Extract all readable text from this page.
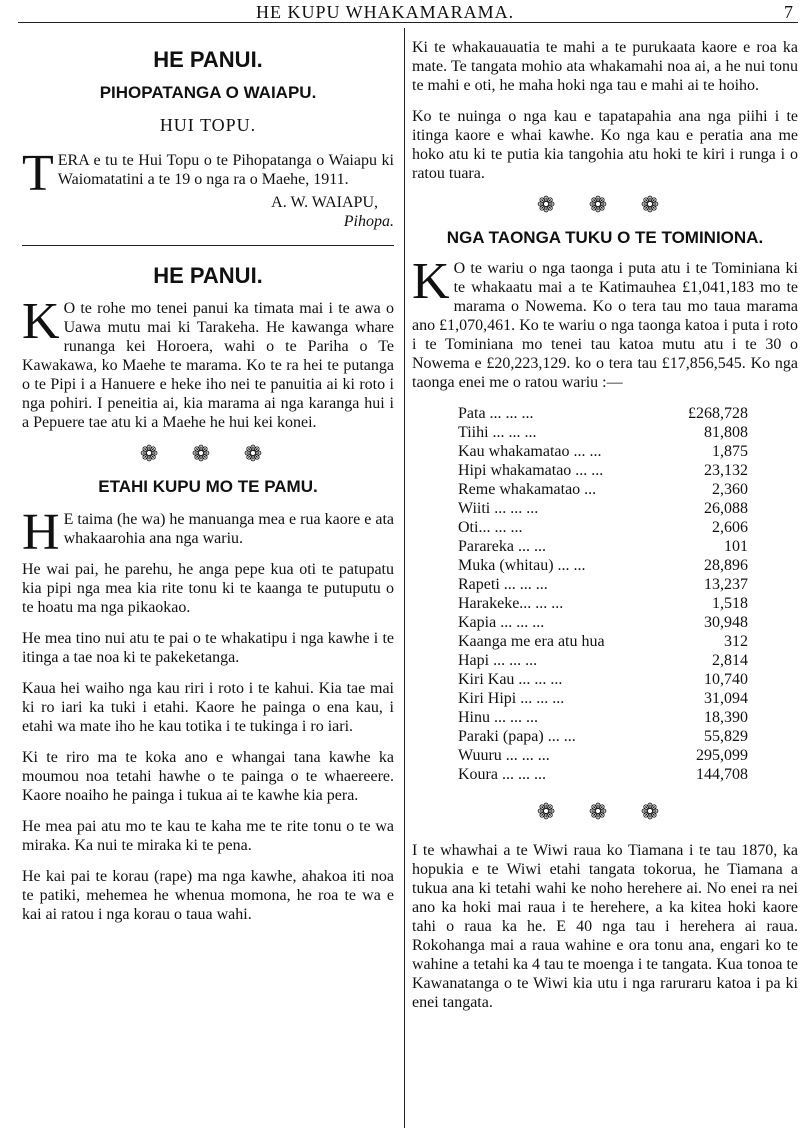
HE KUPU WHAKAMARAMA.	7
HE PANUI.
PIHOPATANGA O WAIAPU.
HUI TOPU.

TERA e tu te Hui Topu o te Pihopatanga o Waiapu ki Waiomatatini a te 19 o nga ra o Maehe, 1911.

A. W. WAIAPU,
Pihopa.
HE PANUI.

K O te rohe mo tenei panui ka timata mai i te awa o Uawa mutu mai ki Tarakeha. He kawanga whare runanga kei Horoera, wahi o te Pariha o Te Kawakawa, ko Maehe te marama. Ko te ra hei te putanga o te Pipi i a Hanuere e heke iho nei te panuitia ai ki roto i nga pohiri. I peneitia ai, kia marama ai nga karanga hui i a Pepuere tae atu ki a Maehe he hui kei konei.

❁ ❁ ❁
ETAHI KUPU MO TE PAMU.

H E taima (he wa) he manuanga mea e rua kaore e ata whakaarohia ana nga wariu.

He wai pai, he parehu, he anga pepe kua oti te patupatu kia pipi nga mea kia rite tonu ki te kaanga te putuputu o te hoatu ma nga pikaokao.

He mea tino nui atu te pai o te whakatipu i nga kawhe i te itinga a tae noa ki te pakeketanga.

Kaua hei waiho nga kau riri i roto i te kahui. Kia tae mai ki ro iari ka tuki i etahi. Kaore he painga o ena kau, i etahi wa mate iho he kau totika i te tukinga i ro iari.

Ki te riro ma te koka ano e whangai tana kawhe ka moumou noa tetahi hawhe o te painga o te whaereere. Kaore noaiho he painga i tukua ai te kawhe kia pera.

He mea pai atu mo te kau te kaha me te rite tonu o te wa miraka. Ka nui te miraka ki te pena.

He kai pai te korau (rape) ma nga kawhe, ahakoa iti noa te patiki, mehemea he whenua momona, he roa te wa e kai ai ratou i nga korau o taua wahi.

Ki te whakauauatia te mahi a te purukaata kaore e roa ka mate. Te tangata mohio ata whakamahi noa ai, a he nui tonu te mahi e oti, he maha hoki nga tau e mahi ai te hoiho.

Ko te nuinga o nga kau e tapatapahia ana nga piihi i te itinga kaore e whai kawhe. Ko nga kau e peratia ana me hoko atu ki te putia kia tangohia atu hoki te kiri i runga i o ratou tuara.

❁ ❁ ❁
NGA TAONGA TUKU O TE TOMINIONA.

K O te wariu o nga taonga i puta atu i te Tominiana ki te whakaatu mai a te Katimauhea £1,041,183 mo te marama o Nowema. Ko o tera tau mo taua marama ano £1,070,461. Ko te wariu o nga taonga katoa i puta i roto i te Tominiana mo tenei tau katoa mutu atu i te 30 o Nowema e £20,223,129. ko o tera tau £17,856,545. Ko nga taonga enei me o ratou wariu :—

Pata ... ... ...	£268,728
Tiihi ... ... ...	81,808
Kau whakamatao ... ...	1,875
Hipi whakamatao ... ...	23,132
Reme whakamatao ...	2,360
Wiiti ... ... ...	26,088
Oti... ... ...	2,606
Parareka ... ...	101
Muka (whitau) ... ...	28,896
Rapeti ... ... ...	13,237
Harakeke... ... ...	1,518
Kapia ... ... ...	30,948
Kaanga me era atu hua	312
Hapi ... ... ...	2,814
Kiri Kau ... ... ...	10,740
Kiri Hipi ... ... ...	31,094
Hinu ... ... ...	18,390
Paraki (papa) ... ...	55,829
Wuuru ... ... ...	295,099
Koura ... ... ...	144,708
❁ ❁ ❁

I te whawhai a te Wiwi raua ko Tiamana i te tau 1870, ka hopukia e te Wiwi etahi tangata tokorua, he Tiamana a tukua ana ki tetahi wahi ke noho herehere ai. No enei ra nei ano ka hoki mai raua i te herehere, a ka kitea hoki kaore tahi o raua ka he. E 40 nga tau i herehera ai raua. Rokohanga mai a raua wahine e ora tonu ana, engari ko te wahine a tetahi ka 4 tau te moenga i te tangata. Kua tonoa te Kawanatanga o te Wiwi kia utu i nga raruraru katoa i pa ki enei tangata.
